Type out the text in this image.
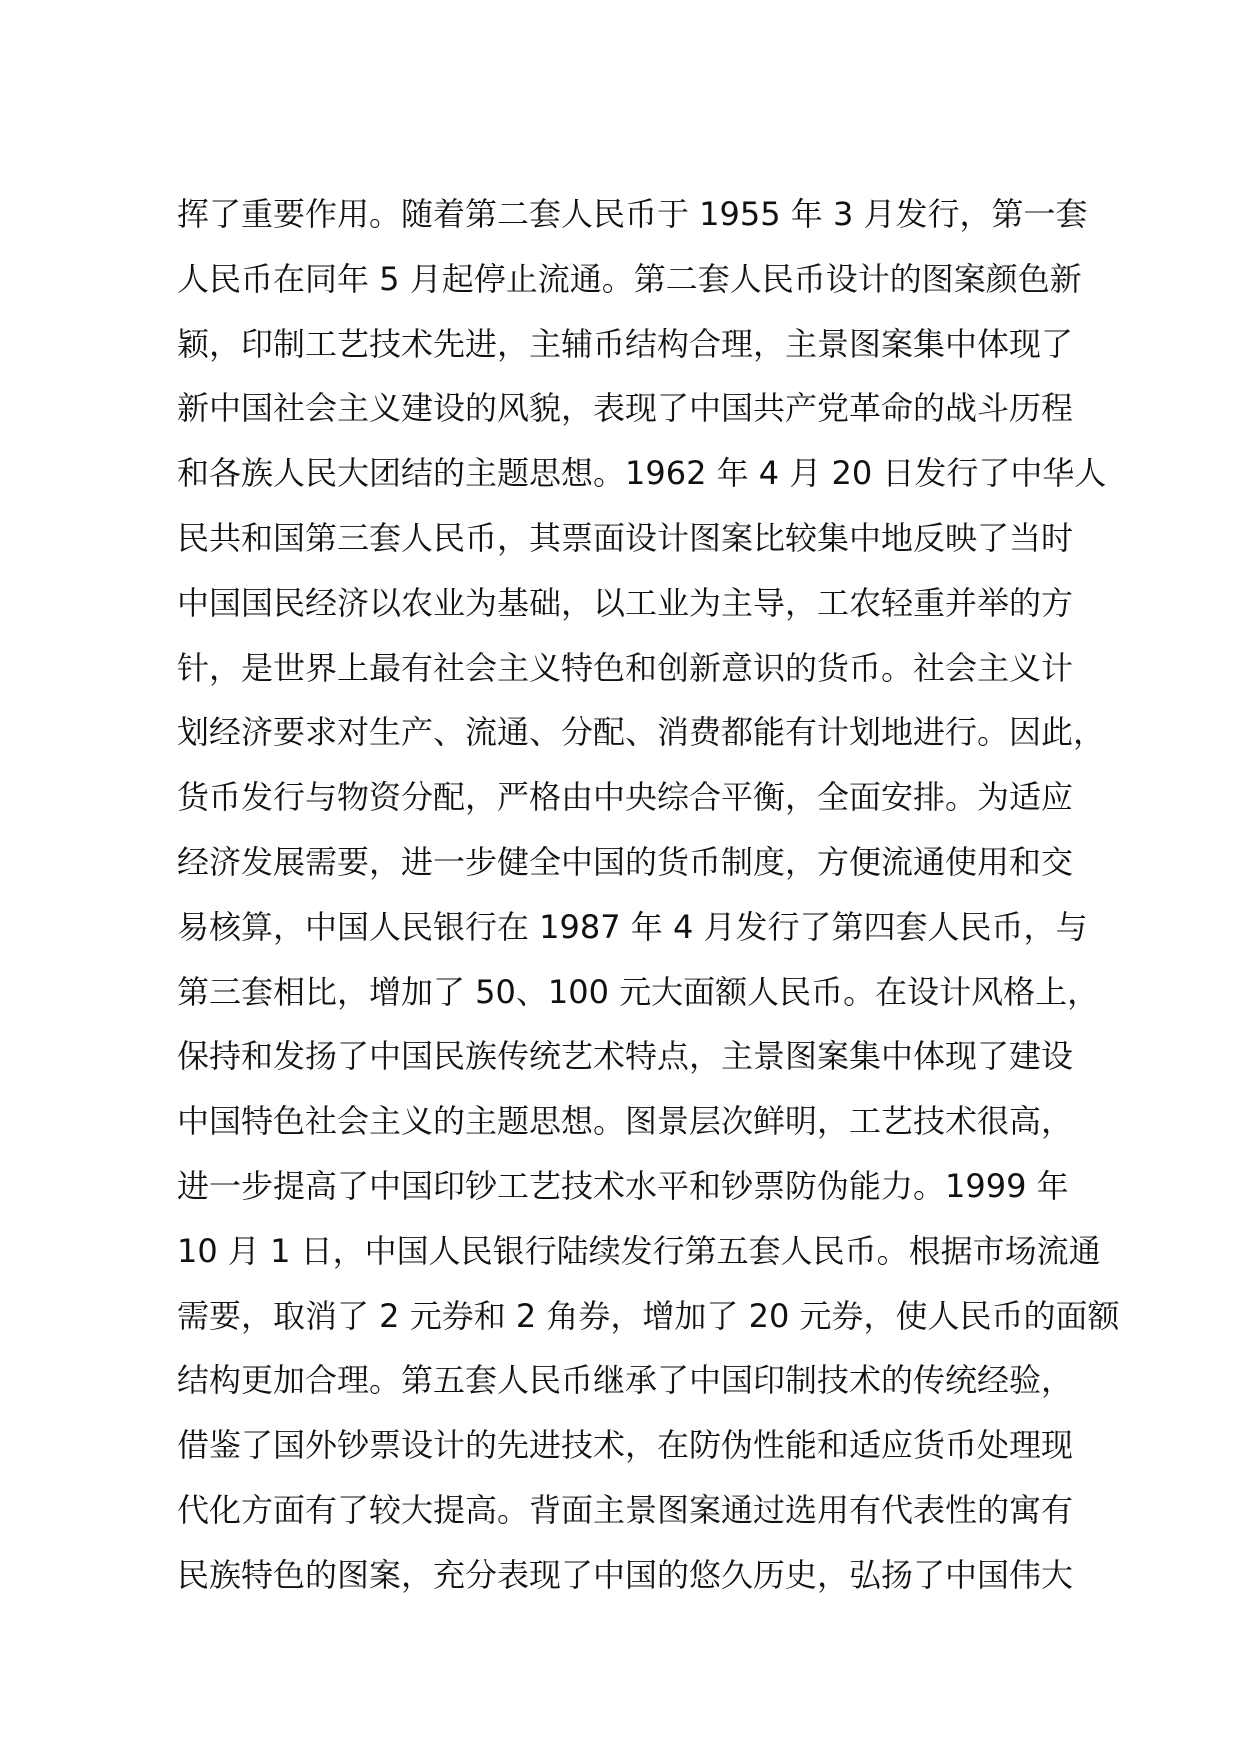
挥了重要作用。随着第二套人民币于 1955 年 3 月发行，第一套
人民币在同年 5 月起停止流通。第二套人民币设计的图案颜色新
颖，印制工艺技术先进，主辅币结构合理，主景图案集中体现了
新中国社会主义建设的风貌，表现了中国共产党革命的战斗历程
和各族人民大团结的主题思想。1962 年 4 月 20 日发行了中华人
民共和国第三套人民币，其票面设计图案比较集中地反映了当时
中国国民经济以农业为基础，以工业为主导，工农轻重并举的方
针，是世界上最有社会主义特色和创新意识的货币。社会主义计
划经济要求对生产、流通、分配、消费都能有计划地进行。因此，
货币发行与物资分配，严格由中央综合平衡，全面安排。为适应
经济发展需要，进一步健全中国的货币制度，方便流通使用和交
易核算，中国人民银行在 1987 年 4 月发行了第四套人民币，与
第三套相比，增加了 50、100 元大面额人民币。在设计风格上，
保持和发扬了中国民族传统艺术特点，主景图案集中体现了建设
中国特色社会主义的主题思想。图景层次鲜明，工艺技术很高，
进一步提高了中国印钞工艺技术水平和钞票防伪能力。1999 年
10 月 1 日，中国人民银行陆续发行第五套人民币。根据市场流通
需要，取消了 2 元券和 2 角券，增加了 20 元券，使人民币的面额
结构更加合理。第五套人民币继承了中国印制技术的传统经验，
借鉴了国外钞票设计的先进技术，在防伪性能和适应货币处理现
代化方面有了较大提高。背面主景图案通过选用有代表性的寓有
民族特色的图案，充分表现了中国的悠久历史，弘扬了中国伟大
